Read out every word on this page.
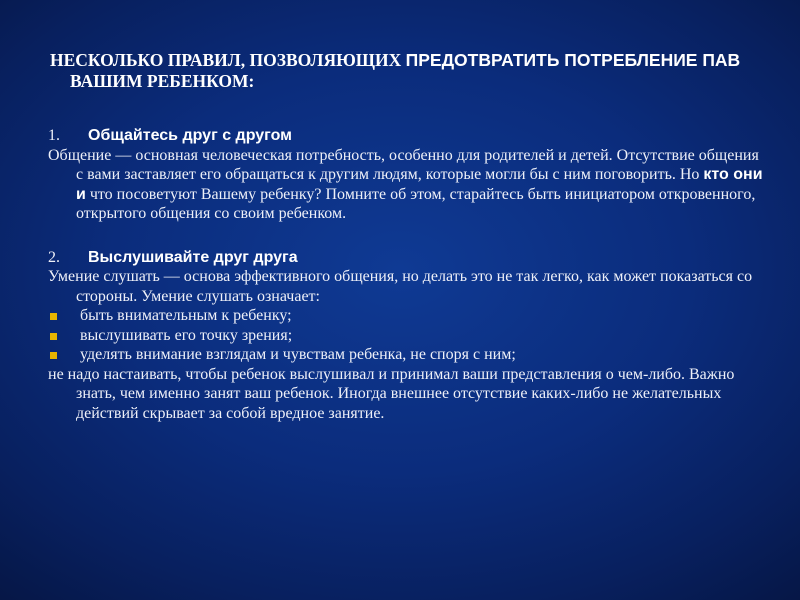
НЕСКОЛЬКО ПРАВИЛ, ПОЗВОЛЯЮЩИХ ПРЕДОТВРАТИТЬ ПОТРЕБЛЕНИЕ ПАВ ВАШИМ РЕБЕНКОМ:

1. Общайтесь друг с другом

Общение — основная человеческая потребность, особенно для родителей и детей. Отсутствие общения с вами заставляет его обращаться к другим людям, которые могли бы с ним поговорить. Но кто они и что посоветуют Вашему ребенку? Помните об этом, старайтесь быть инициатором откровенного, открытого общения со своим ребенком.

2. Выслушивайте друг друга

Умение слушать — основа эффективного общения, но делать это не так легко, как может показаться со стороны. Умение слушать означает:

быть внимательным к ребенку;

выслушивать его точку зрения;

уделять внимание взглядам и чувствам ребенка, не споря с ним;

не надо настаивать, чтобы ребенок выслушивал и принимал ваши представления о чем-либо. Важно знать, чем именно занят ваш ребенок. Иногда внешнее отсутствие каких-либо не желательных действий скрывает за собой вредное занятие.
